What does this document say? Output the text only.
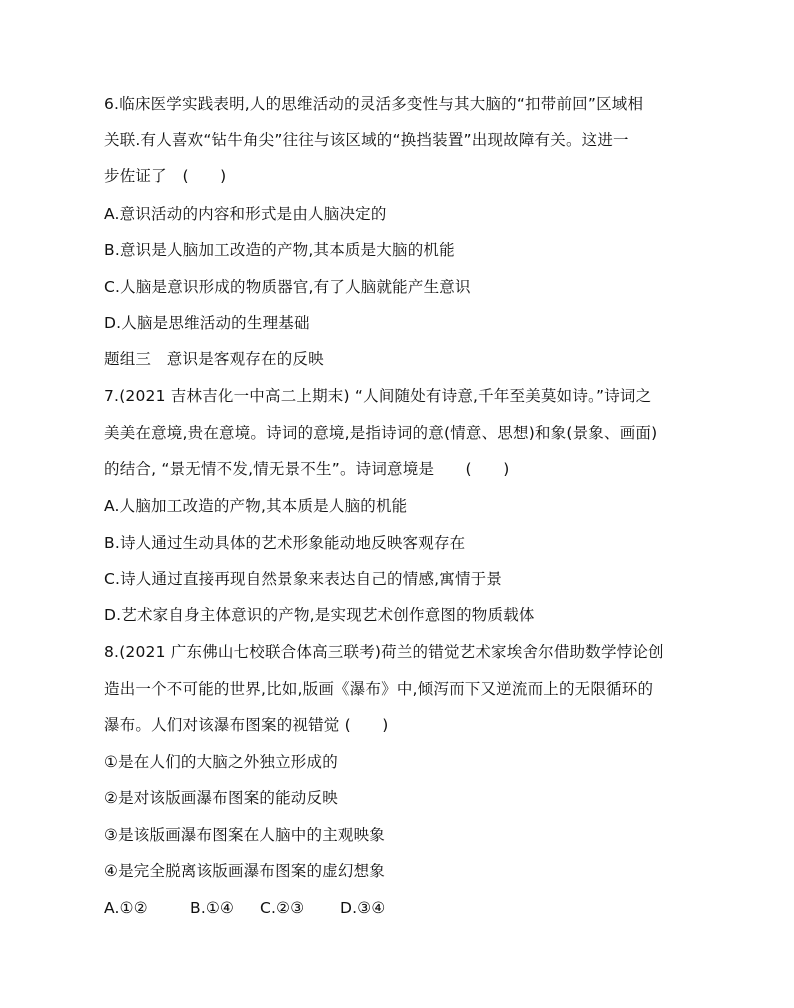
6.临床医学实践表明,人的思维活动的灵活多变性与其大脑的“扣带前回”区域相
关联.有人喜欢“钻牛角尖”往往与该区域的“换挡装置”出现故障有关。这进一
步佐证了　(　　)
A.意识活动的内容和形式是由人脑决定的
B.意识是人脑加工改造的产物,其本质是大脑的机能
C.人脑是意识形成的物质器官,有了人脑就能产生意识
D.人脑是思维活动的生理基础
题组三　意识是客观存在的反映
7.(2021 吉林吉化一中高二上期末) “人间随处有诗意,千年至美莫如诗。”诗词之
美美在意境,贵在意境。诗词的意境,是指诗词的意(情意、思想)和象(景象、画面)
的结合, “景无情不发,情无景不生”。诗词意境是　　(　　)
A.人脑加工改造的产物,其本质是人脑的机能
B.诗人通过生动具体的艺术形象能动地反映客观存在
C.诗人通过直接再现自然景象来表达自己的情感,寓情于景
D.艺术家自身主体意识的产物,是实现艺术创作意图的物质载体
8.(2021 广东佛山七校联合体高三联考)荷兰的错觉艺术家埃舍尔借助数学悖论创
造出一个不可能的世界,比如,版画《瀑布》中,倾泻而下又逆流而上的无限循环的
瀑布。人们对该瀑布图案的视错觉 (　　)
①是在人们的大脑之外独立形成的
②是对该版画瀑布图案的能动反映
③是该版画瀑布图案在人脑中的主观映象
④是完全脱离该版画瀑布图案的虚幻想象
A.①②	B.①④ C.②③ D.③④
